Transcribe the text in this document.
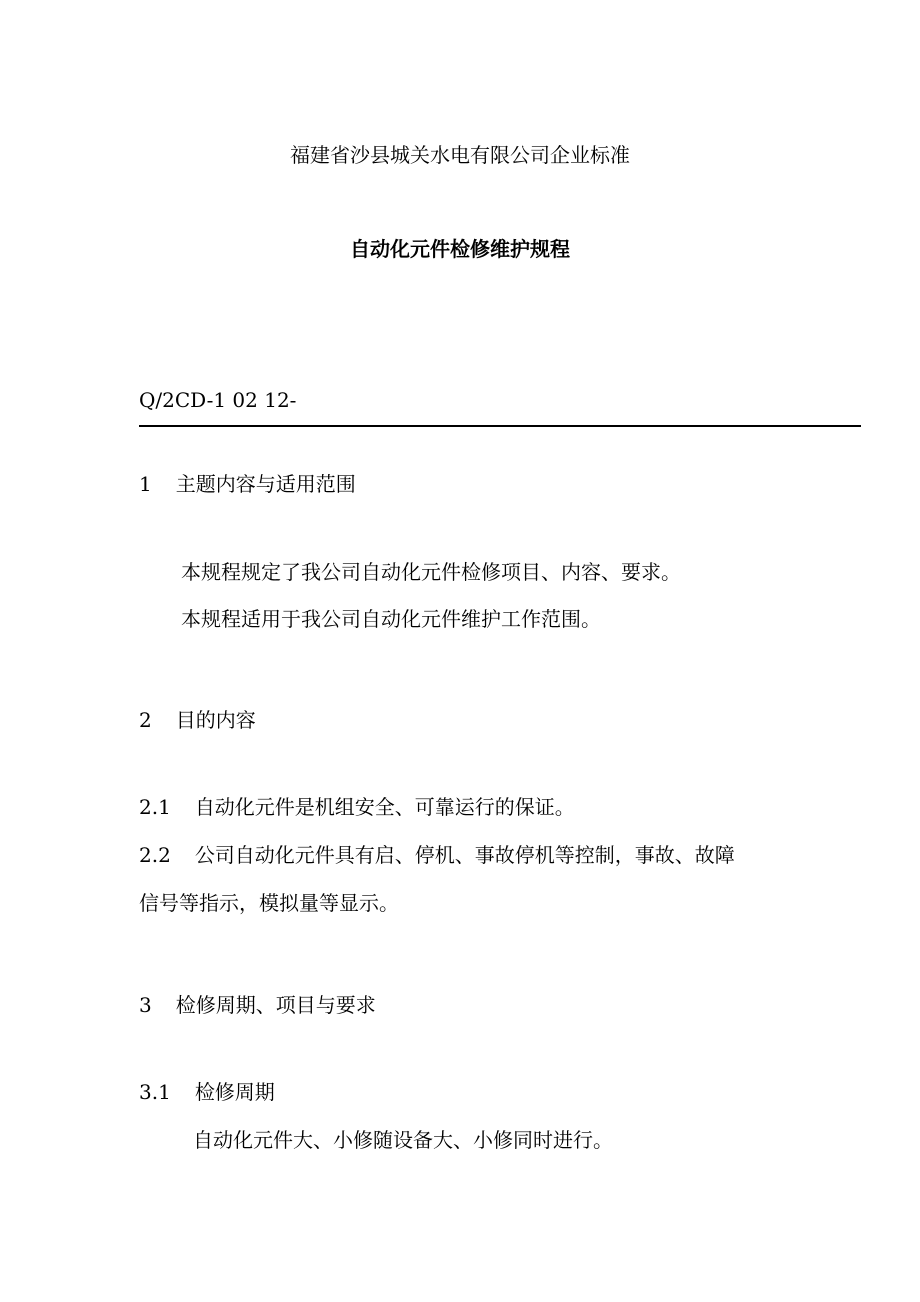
福建省沙县城关水电有限公司企业标准
自动化元件检修维护规程
Q/2CD-1 02 12-
1 主题内容与适用范围
本规程规定了我公司自动化元件检修项目、内容、要求。
本规程适用于我公司自动化元件维护工作范围。
2 目的内容
2.1 自动化元件是机组安全、可靠运行的保证。
2.2 公司自动化元件具有启、停机、事故停机等控制，事故、故障
信号等指示，模拟量等显示。
3 检修周期、项目与要求
3.1 检修周期
自动化元件大、小修随设备大、小修同时进行。
